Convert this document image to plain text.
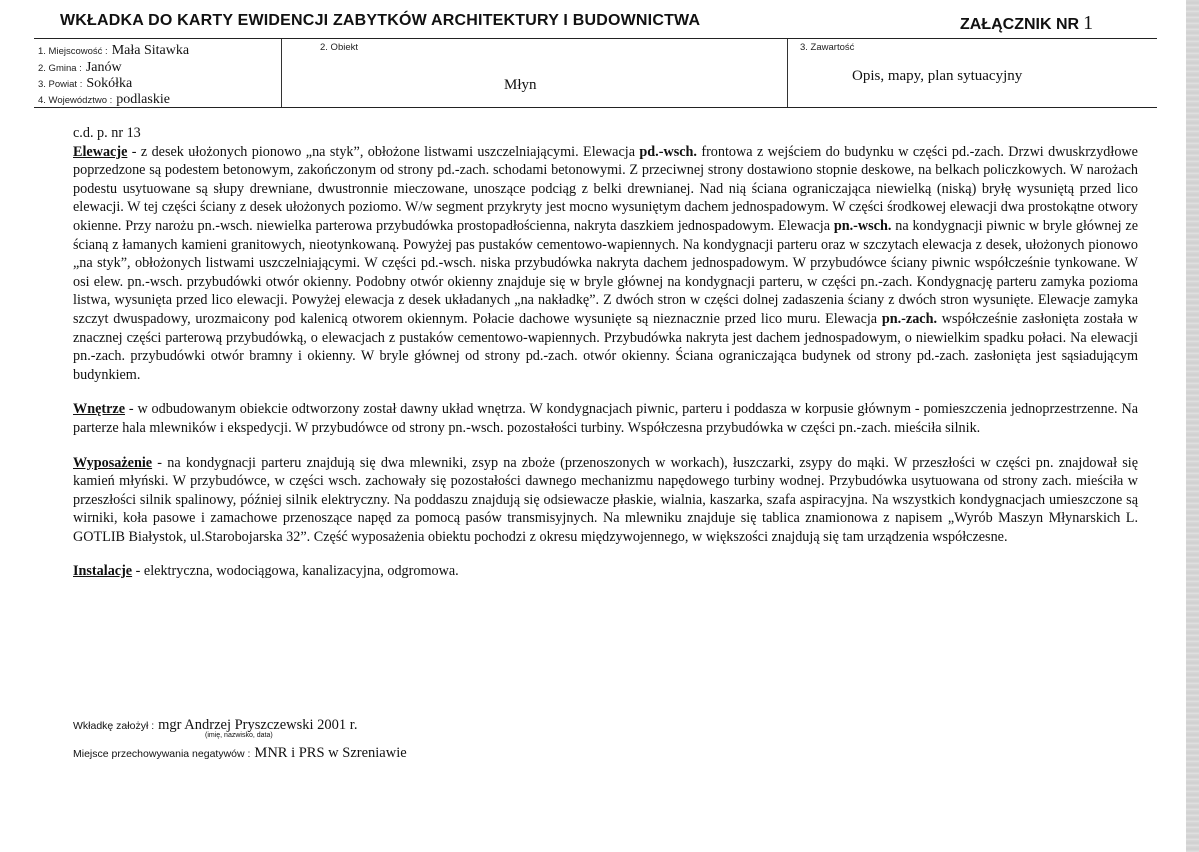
WKŁADKA DO KARTY EWIDENCJI ZABYTKÓW ARCHITEKTURY I BUDOWNICTWA	ZAŁĄCZNIK NR 1
1. Miejscowość : Mała Sitawka
2. Gmina : Janów
3. Powiat : Sokółka
4. Województwo : podlaskie
2. Obiekt
Młyn
3. Zawartość
Opis, mapy, plan sytuacyjny

c.d. p. nr 13

Elewacje - z desek ułożonych pionowo „na styk”, obłożone listwami uszczelniającymi. Elewacja pd.-wsch. frontowa z wejściem do budynku w części pd.-zach. Drzwi dwuskrzydłowe poprzedzone są podestem betonowym, zakończonym od strony pd.-zach. schodami betonowymi. Z przeciwnej strony dostawiono stopnie deskowe, na belkach policzkowych. W narożach podestu usytuowane są słupy drewniane, dwustronnie mieczowane, unoszące podciąg z belki drewnianej. Nad nią ściana ograniczająca niewielką (niską) bryłę wysuniętą przed lico elewacji. W tej części ściany z desek ułożonych poziomo. W/w segment przykryty jest mocno wysuniętym dachem jednospadowym. W części środkowej elewacji dwa prostokątne otwory okienne. Przy narożu pn.-wsch. niewielka parterowa przybudówka prostopadłościenna, nakryta daszkiem jednospadowym. Elewacja pn.-wsch. na kondygnacji piwnic w bryle głównej ze ścianą z łamanych kamieni granitowych, nieotynkowaną. Powyżej pas pustaków cementowo-wapiennych. Na kondygnacji parteru oraz w szczytach elewacja z desek, ułożonych pionowo „na styk”, obłożonych listwami uszczelniającymi. W części pd.-wsch. niska przybudówka nakryta dachem jednospadowym. W przybudówce ściany piwnic współcześnie tynkowane. W osi elew. pn.-wsch. przybudówki otwór okienny. Podobny otwór okienny znajduje się w bryle głównej na kondygnacji parteru, w części pn.-zach. Kondygnację parteru zamyka pozioma listwa, wysunięta przed lico elewacji. Powyżej elewacja z desek układanych „na nakładkę”. Z dwóch stron w części dolnej zadaszenia ściany z dwóch stron wysunięte. Elewacje zamyka szczyt dwuspadowy, urozmaicony pod kalenicą otworem okiennym. Połacie dachowe wysunięte są nieznacznie przed lico muru. Elewacja pn.-zach. współcześnie zasłonięta została w znacznej części parterową przybudówką, o elewacjach z pustaków cementowo-wapiennych. Przybudówka nakryta jest dachem jednospadowym, o niewielkim spadku połaci. Na elewacji pn.-zach. przybudówki otwór bramny i okienny. W bryle głównej od strony pd.-zach. otwór okienny. Ściana ograniczająca budynek od strony pd.-zach. zasłonięta jest sąsiadującym budynkiem.

Wnętrze - w odbudowanym obiekcie odtworzony został dawny układ wnętrza. W kondygnacjach piwnic, parteru i poddasza w korpusie głównym - pomieszczenia jednoprzestrzenne. Na parterze hala mlewników i ekspedycji. W przybudówce od strony pn.-wsch. pozostałości turbiny. Współczesna przybudówka w części pn.-zach. mieściła silnik.

Wyposażenie - na kondygnacji parteru znajdują się dwa mlewniki, zsyp na zboże (przenoszonych w workach), łuszczarki, zsypy do mąki. W przeszłości w części pn. znajdował się kamień młyński. W przybudówce, w części wsch. zachowały się pozostałości dawnego mechanizmu napędowego turbiny wodnej. Przybudówka usytuowana od strony zach. mieściła w przeszłości silnik spalinowy, później silnik elektryczny. Na poddaszu znajdują się odsiewacze płaskie, wialnia, kaszarka, szafa aspiracyjna. Na wszystkich kondygnacjach umieszczone są wirniki, koła pasowe i zamachowe przenoszące napęd za pomocą pasów transmisyjnych. Na mlewniku znajduje się tablica znamionowa z napisem „Wyrób Maszyn Młynarskich L. GOTLIB Białystok, ul.Starobojarska 32”. Część wyposażenia obiektu pochodzi z okresu międzywojennego, w większości znajdują się tam urządzenia współczesne.

Instalacje - elektryczna, wodociągowa, kanalizacyjna, odgromowa.

Wkładkę założył : mgr Andrzej Pryszczewski 2001 r.
(imię, nazwisko, data)
Miejsce przechowywania negatywów : MNR i PRS w Szreniawie
